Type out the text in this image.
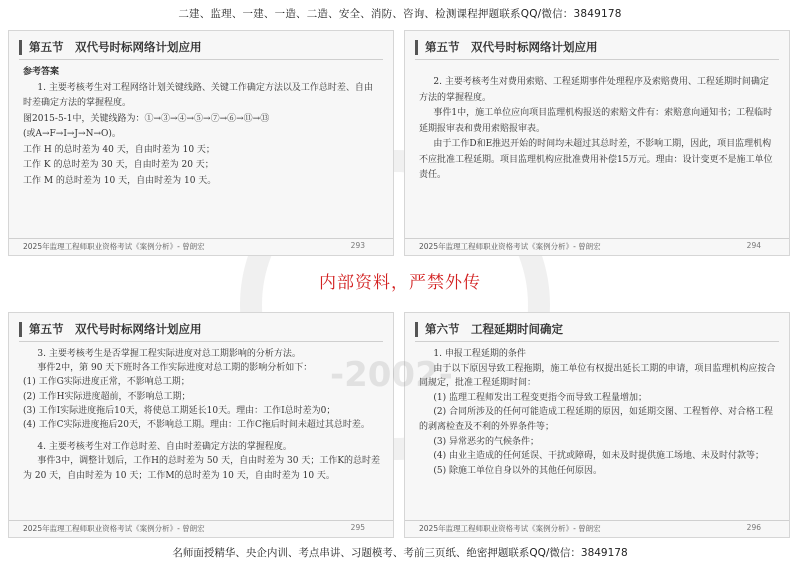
二建、监理、一建、一造、二造、安全、消防、咨询、检测课程押题联系QQ/微信：3849178
第五节　双代号时标网络计划应用

参考答案

1. 主要考核考生对工程网络计划关键线路、关键工作确定方法以及工作总时差、自由时差确定方法的掌握程度。

图2015-5-1中，关键线路为：①→③→④→⑤→⑦→⑥→⑪→⑬

(或A→F→I→J→N→O)。

工作 H 的总时差为 40 天，自由时差为 10 天；

工作 K 的总时差为 30 天，自由时差为 20 天；

工作 M 的总时差为 10 天，自由时差为 10 天。

2025年监理工程师职业资格考试《案例分析》- 曾朗宏	293
第五节　双代号时标网络计划应用

2. 主要考核考生对费用索赔、工程延期事件处理程序及索赔费用、工程延期时间确定方法的掌握程度。

事件1中，施工单位应向项目监理机构报送的索赔文件有：索赔意向通知书；工程临时延期报审表和费用索赔报审表。

由于工作D和E推迟开始的时间均未超过其总时差，不影响工期，因此，项目监理机构不应批准工程延期。项目监理机构应批准费用补偿15万元。理由：设计变更不是施工单位责任。

2025年监理工程师职业资格考试《案例分析》- 曾朗宏	294
内部资料，严禁外传
第五节　双代号时标网络计划应用

3. 主要考核考生是否掌握工程实际进度对总工期影响的分析方法。

事件2中，第 90 天下班时各工作实际进度对总工期的影响分析如下：

(1) 工作G实际进度正常，不影响总工期；

(2) 工作H实际进度超前，不影响总工期；

(3) 工作I实际进度拖后10天，将使总工期延长10天。理由：工作I总时差为0；

(4) 工作C实际进度拖后20天，不影响总工期。理由：工作C拖后时间未超过其总时差。

4. 主要考核考生对工作总时差、自由时差确定方法的掌握程度。

事件3中，调整计划后，工作H的总时差为 50 天，自由时差为 30 天；工作K的总时差为 20 天，自由时差为 10 天；工作M的总时差为 10 天，自由时差为 10 天。

2025年监理工程师职业资格考试《案例分析》- 曾朗宏	295
第六节　工程延期时间确定

1. 申报工程延期的条件

由于以下原因导致工程拖期，施工单位有权提出延长工期的申请，项目监理机构应按合同规定，批准工程延期时间：

(1) 监理工程师发出工程变更指令而导致工程量增加；

(2) 合同所涉及的任何可能造成工程延期的原因，如延期交图、工程暂停、对合格工程的剥离检查及不利的外界条件等；

(3) 异常恶劣的气候条件；

(4) 由业主造成的任何延误、干扰或障碍，如未及时提供施工场地、未及时付款等；

(5) 除施工单位自身以外的其他任何原因。

2025年监理工程师职业资格考试《案例分析》- 曾朗宏	296
-2002-
名师面授精华、央企内训、考点串讲、习题模考、考前三页纸、绝密押题联系QQ/微信：3849178
